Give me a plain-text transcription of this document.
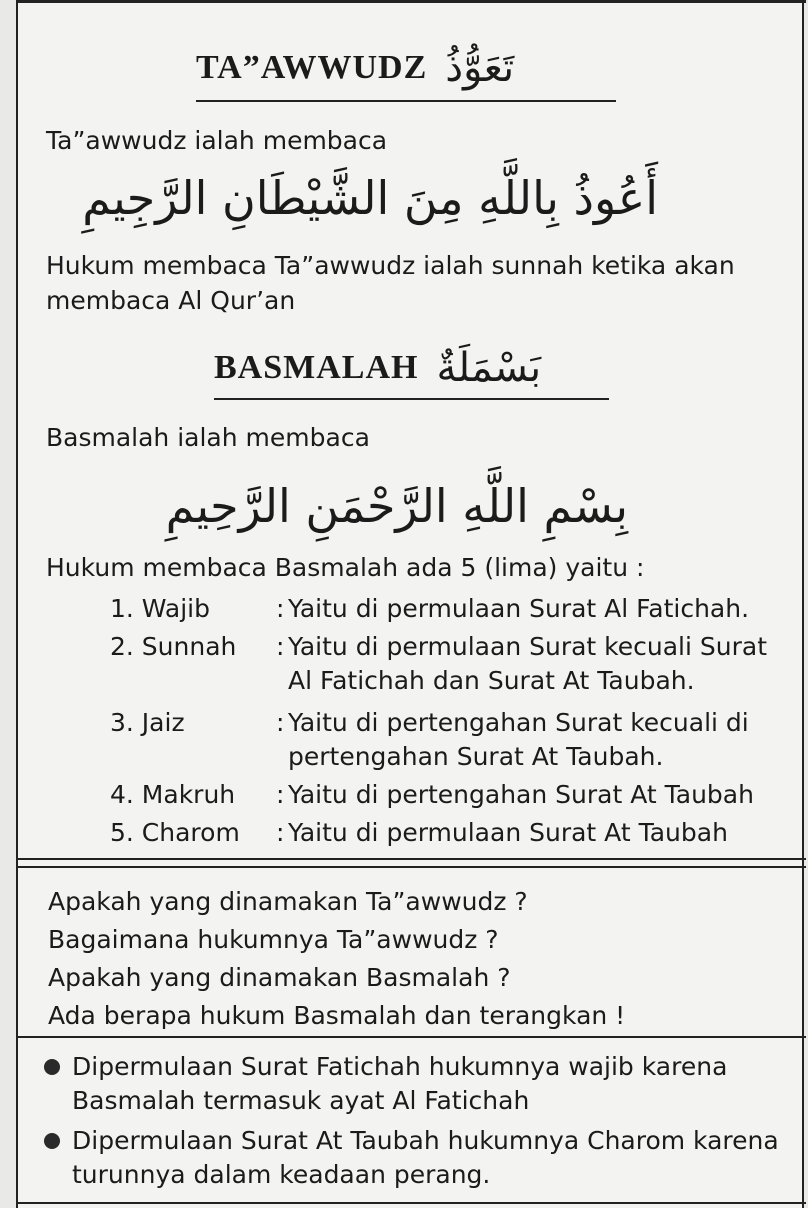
TA”AWWUDZ تَعَوُّذُ
Ta”awwudz ialah membaca
أَعُوذُ بِاللَّهِ مِنَ الشَّيْطَانِ الرَّجِيمِ
Hukum membaca Ta”awwudz ialah sunnah ketika akan
membaca Al Qur’an
BASMALAH بَسْمَلَةٌ
Basmalah ialah membaca
بِسْمِ اللَّهِ الرَّحْمَنِ الرَّحِيمِ
Hukum membaca Basmalah ada 5 (lima) yaitu :
1. Wajib	: Yaitu di permulaan Surat Al Fatichah.
2. Sunnah : Yaitu di permulaan Surat kecuali Surat Al Fatichah dan Surat At Taubah.
3. Jaiz	: Yaitu di pertengahan Surat kecuali di pertengahan Surat At Taubah.
4. Makruh : Yaitu di pertengahan Surat At Taubah
5. Charom : Yaitu di permulaan Surat At Taubah
Apakah yang dinamakan Ta”awwudz ?
Bagaimana hukumnya Ta”awwudz ?
Apakah yang dinamakan Basmalah ?
Ada berapa hukum Basmalah dan terangkan !
Dipermulaan Surat Fatichah hukumnya wajib karena Basmalah termasuk ayat Al Fatichah
Dipermulaan Surat At Taubah hukumnya Charom karena turunnya dalam keadaan perang.
